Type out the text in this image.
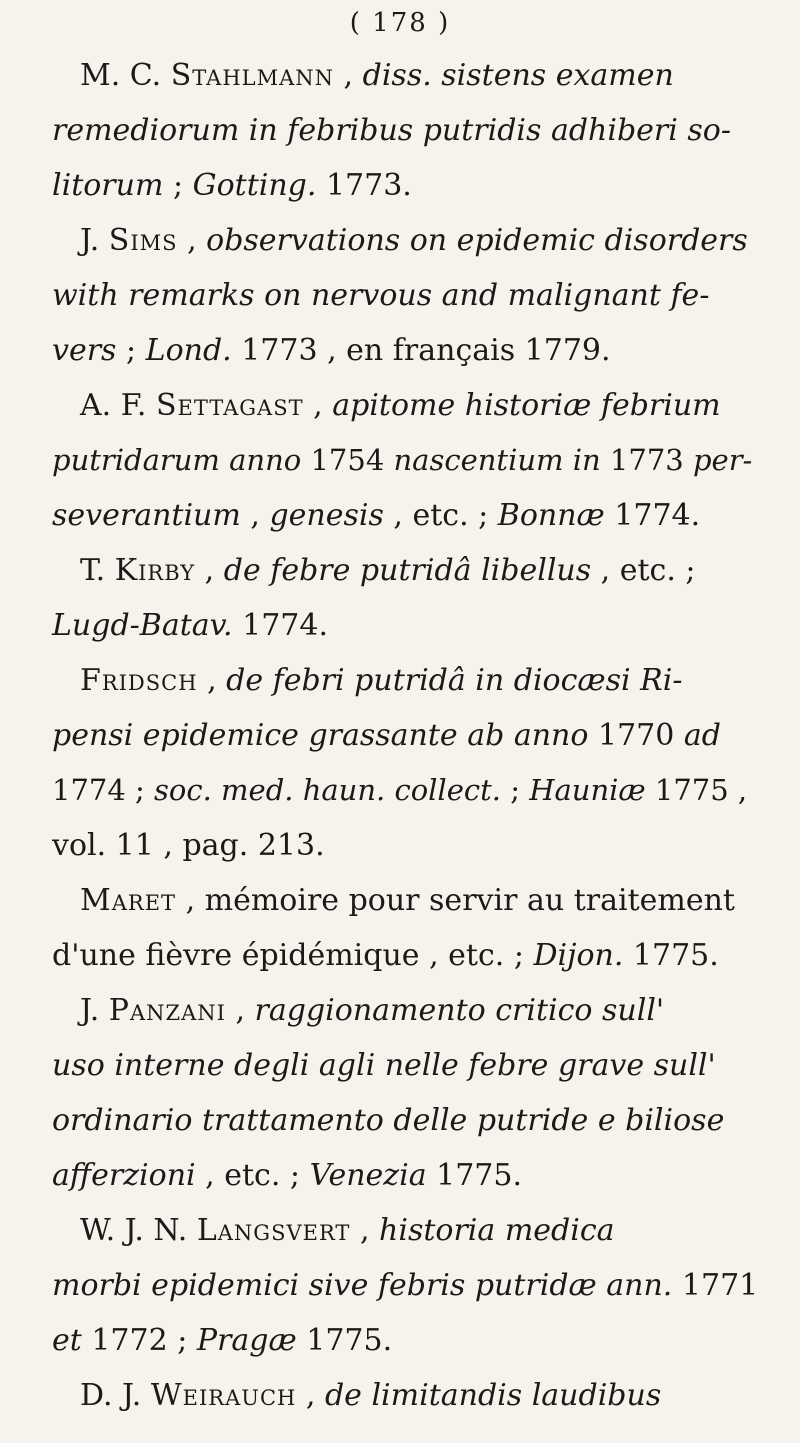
( 178 )
M. C. Stahlmann , diss. sistens examen
remediorum in febribus putridis adhiberi so-
litorum ; Gotting. 1773.
J. Sims , observations on epidemic disorders
with remarks on nervous and malignant fe-
vers ; Lond. 1773 , en français 1779.
A. F. Settagast , apitome historiæ febrium
putridarum anno 1754 nascentium in 1773 per-
severantium , genesis , etc. ; Bonnæ 1774.
T. Kirby , de febre putridâ libellus , etc. ;
Lugd-Batav. 1774.
Fridsch , de febri putridâ in diocæsi Ri-
pensi epidemice grassante ab anno 1770 ad
1774 ; soc. med. haun. collect. ; Hauniæ 1775 ,
vol. 11 , pag. 213.
Maret , mémoire pour servir au traitement
d'une fièvre épidémique , etc. ; Dijon. 1775.
J. Panzani , raggionamento critico sull'
uso interne degli agli nelle febre grave sull'
ordinario trattamento delle putride e biliose
afferzioni , etc. ; Venezia 1775.
W. J. N. Langsvert , historia medica
morbi epidemici sive febris putridæ ann. 1771
et 1772 ; Pragæ 1775.
D. J. Weirauch , de limitandis laudibus
